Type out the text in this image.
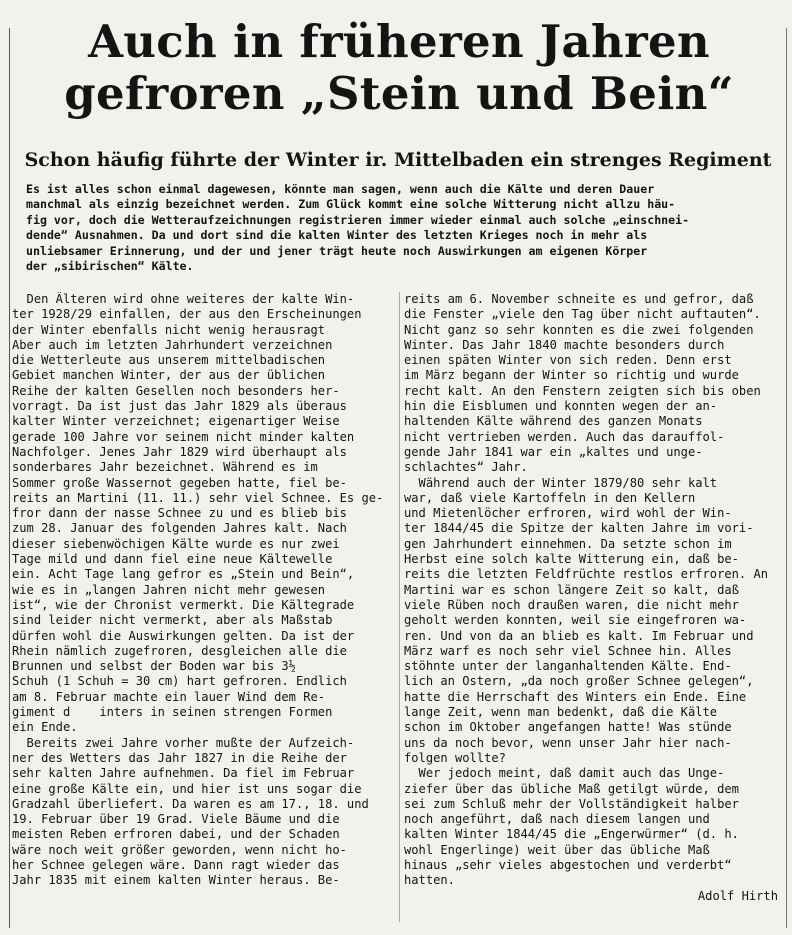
Auch in früheren Jahren
gefroren „Stein und Bein“
Schon häufig führte der Winter ir. Mittelbaden ein strenges Regiment
Es ist alles schon einmal dagewesen, könnte man sagen, wenn auch die Kälte und deren Dauer
manchmal als einzig bezeichnet werden. Zum Glück kommt eine solche Witterung nicht allzu häu-
fig vor, doch die Wetteraufzeichnungen registrieren immer wieder einmal auch solche „einschnei-
dende“ Ausnahmen. Da und dort sind die kalten Winter des letzten Krieges noch in mehr als
unliebsamer Erinnerung, und der und jener trägt heute noch Auswirkungen am eigenen Körper
der „sibirischen“ Kälte.
Den Älteren wird ohne weiteres der kalte Win-
ter 1928/29 einfallen, der aus den Erscheinungen
der Winter ebenfalls nicht wenig herausragt
Aber auch im letzten Jahrhundert verzeichnen
die Wetterleute aus unserem mittelbadischen
Gebiet manchen Winter, der aus der üblichen
Reihe der kalten Gesellen noch besonders her-
vorragt. Da ist just das Jahr 1829 als überaus
kalter Winter verzeichnet; eigenartiger Weise
gerade 100 Jahre vor seinem nicht minder kalten
Nachfolger. Jenes Jahr 1829 wird überhaupt als
sonderbares Jahr bezeichnet. Während es im
Sommer große Wassernot gegeben hatte, fiel be-
reits an Martini (11. 11.) sehr viel Schnee. Es ge-
fror dann der nasse Schnee zu und es blieb bis
zum 28. Januar des folgenden Jahres kalt. Nach
dieser siebenwöchigen Kälte wurde es nur zwei
Tage mild und dann fiel eine neue Kältewelle
ein. Acht Tage lang gefror es „Stein und Bein“,
wie es in „langen Jahren nicht mehr gewesen
ist“, wie der Chronist vermerkt. Die Kältegrade
sind leider nicht vermerkt, aber als Maßstab
dürfen wohl die Auswirkungen gelten. Da ist der
Rhein nämlich zugefroren, desgleichen alle die
Brunnen und selbst der Boden war bis 3½
Schuh (1 Schuh = 30 cm) hart gefroren. Endlich
am 8. Februar machte ein lauer Wind dem Re-
giment d    inters in seinen strengen Formen
ein Ende.
Bereits zwei Jahre vorher mußte der Aufzeich-
ner des Wetters das Jahr 1827 in die Reihe der
sehr kalten Jahre aufnehmen. Da fiel im Februar
eine große Kälte ein, und hier ist uns sogar die
Gradzahl überliefert. Da waren es am 17., 18. und
19. Februar über 19 Grad. Viele Bäume und die
meisten Reben erfroren dabei, und der Schaden
wäre noch weit größer geworden, wenn nicht ho-
her Schnee gelegen wäre. Dann ragt wieder das
Jahr 1835 mit einem kalten Winter heraus. Be-
reits am 6. November schneite es und gefror, daß
die Fenster „viele den Tag über nicht auftauten“.
Nicht ganz so sehr konnten es die zwei folgenden
Winter. Das Jahr 1840 machte besonders durch
einen späten Winter von sich reden. Denn erst
im März begann der Winter so richtig und wurde
recht kalt. An den Fenstern zeigten sich bis oben
hin die Eisblumen und konnten wegen der an-
haltenden Kälte während des ganzen Monats
nicht vertrieben werden. Auch das darauffol-
gende Jahr 1841 war ein „kaltes und unge-
schlachtes“ Jahr.
Während auch der Winter 1879/80 sehr kalt
war, daß viele Kartoffeln in den Kellern
und Mietenlöcher erfroren, wird wohl der Win-
ter 1844/45 die Spitze der kalten Jahre im vori-
gen Jahrhundert einnehmen. Da setzte schon im
Herbst eine solch kalte Witterung ein, daß be-
reits die letzten Feldfrüchte restlos erfroren. An
Martini war es schon längere Zeit so kalt, daß
viele Rüben noch draußen waren, die nicht mehr
geholt werden konnten, weil sie eingefroren wa-
ren. Und von da an blieb es kalt. Im Februar und
März warf es noch sehr viel Schnee hin. Alles
stöhnte unter der langanhaltenden Kälte. End-
lich an Ostern, „da noch großer Schnee gelegen“,
hatte die Herrschaft des Winters ein Ende. Eine
lange Zeit, wenn man bedenkt, daß die Kälte
schon im Oktober angefangen hatte! Was stünde
uns da noch bevor, wenn unser Jahr hier nach-
folgen wollte?
Wer jedoch meint, daß damit auch das Unge-
ziefer über das übliche Maß getilgt würde, dem
sei zum Schluß mehr der Vollständigkeit halber
noch angeführt, daß nach diesem langen und
kalten Winter 1844/45 die „Engerwürmer“ (d. h.
wohl Engerlinge) weit über das übliche Maß
hinaus „sehr vieles abgestochen und verderbt“
hatten.
Adolf Hirth
